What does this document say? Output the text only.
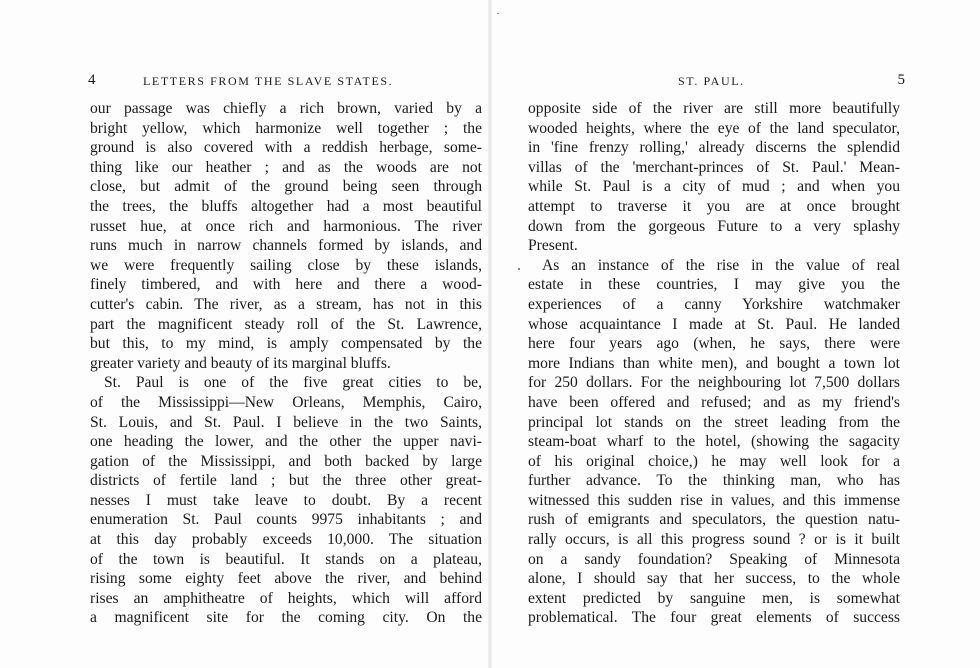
4	LETTERS FROM THE SLAVE STATES.
our passage was chiefly a rich brown, varied by a
bright yellow, which harmonize well together ; the
ground is also covered with a reddish herbage, some-
thing like our heather ; and as the woods are not
close, but admit of the ground being seen through
the trees, the bluffs altogether had a most beautiful
russet hue, at once rich and harmonious. The river
runs much in narrow channels formed by islands, and
we were frequently sailing close by these islands,
finely timbered, and with here and there a wood-
cutter's cabin. The river, as a stream, has not in this
part the magnificent steady roll of the St. Lawrence,
but this, to my mind, is amply compensated by the
greater variety and beauty of its marginal bluffs.
St. Paul is one of the five great cities to be,
of the Mississippi—New Orleans, Memphis, Cairo,
St. Louis, and St. Paul. I believe in the two Saints,
one heading the lower, and the other the upper navi-
gation of the Mississippi, and both backed by large
districts of fertile land ; but the three other great-
nesses I must take leave to doubt. By a recent
enumeration St. Paul counts 9975 inhabitants ; and
at this day probably exceeds 10,000. The situation
of the town is beautiful. It stands on a plateau,
rising some eighty feet above the river, and behind
rises an amphitheatre of heights, which will afford
a magnificent site for the coming city. On the
ST. PAUL.	5
opposite side of the river are still more beautifully
wooded heights, where the eye of the land speculator,
in 'fine frenzy rolling,' already discerns the splendid
villas of the 'merchant-princes of St. Paul.' Mean-
while St. Paul is a city of mud ; and when you
attempt to traverse it you are at once brought
down from the gorgeous Future to a very splashy
Present.
As an instance of the rise in the value of real
estate in these countries, I may give you the
experiences of a canny Yorkshire watchmaker
whose acquaintance I made at St. Paul. He landed
here four years ago (when, he says, there were
more Indians than white men), and bought a town lot
for 250 dollars. For the neighbouring lot 7,500 dollars
have been offered and refused; and as my friend's
principal lot stands on the street leading from the
steam-boat wharf to the hotel, (showing the sagacity
of his original choice,) he may well look for a
further advance. To the thinking man, who has
witnessed this sudden rise in values, and this immense
rush of emigrants and speculators, the question natu-
rally occurs, is all this progress sound ? or is it built
on a sandy foundation? Speaking of Minnesota
alone, I should say that her success, to the whole
extent predicted by sanguine men, is somewhat
problematical. The four great elements of success
